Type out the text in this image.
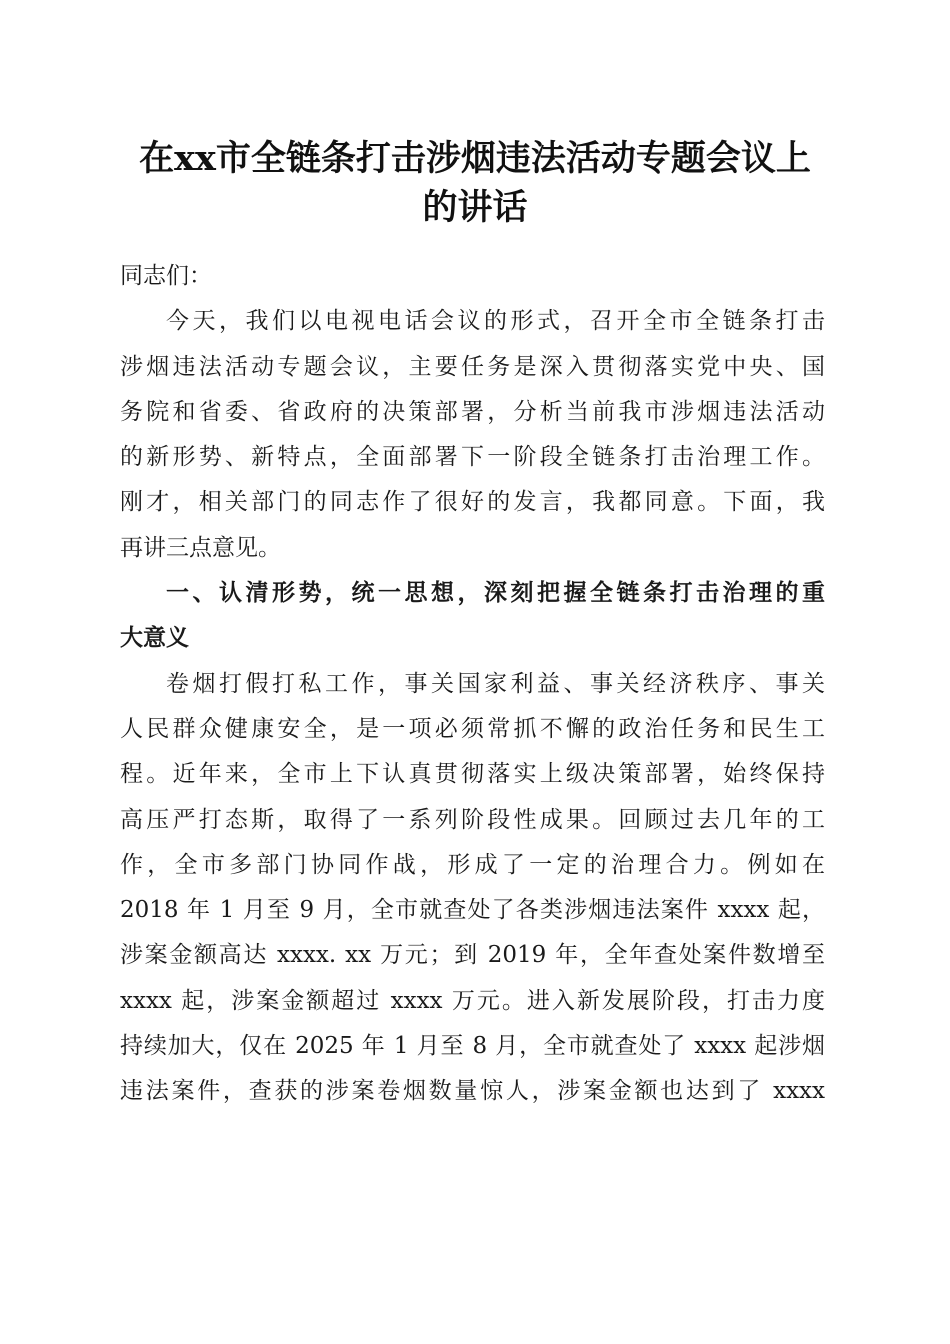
在xx市全链条打击涉烟违法活动专题会议上
的讲话
同志们：
今天，我们以电视电话会议的形式，召开全市全链条打击
涉烟违法活动专题会议，主要任务是深入贯彻落实党中央、国
务院和省委、省政府的决策部署，分析当前我市涉烟违法活动
的新形势、新特点，全面部署下一阶段全链条打击治理工作。
刚才，相关部门的同志作了很好的发言，我都同意。下面，我
再讲三点意见。
一、认清形势，统一思想，深刻把握全链条打击治理的重
大意义
卷烟打假打私工作，事关国家利益、事关经济秩序、事关
人民群众健康安全，是一项必须常抓不懈的政治任务和民生工
程。近年来，全市上下认真贯彻落实上级决策部署，始终保持
高压严打态斯，取得了一系列阶段性成果。回顾过去几年的工
作，全市多部门协同作战，形成了一定的治理合力。例如在
2018 年 1 月至 9 月，全市就查处了各类涉烟违法案件 xxxx 起，
涉案金额高达 xxxx. xx 万元；到 2019 年，全年查处案件数增至
xxxx 起，涉案金额超过 xxxx 万元。进入新发展阶段，打击力度
持续加大，仅在 2025 年 1 月至 8 月，全市就查处了 xxxx 起涉烟
违法案件，查获的涉案卷烟数量惊人，涉案金额也达到了 xxxx
